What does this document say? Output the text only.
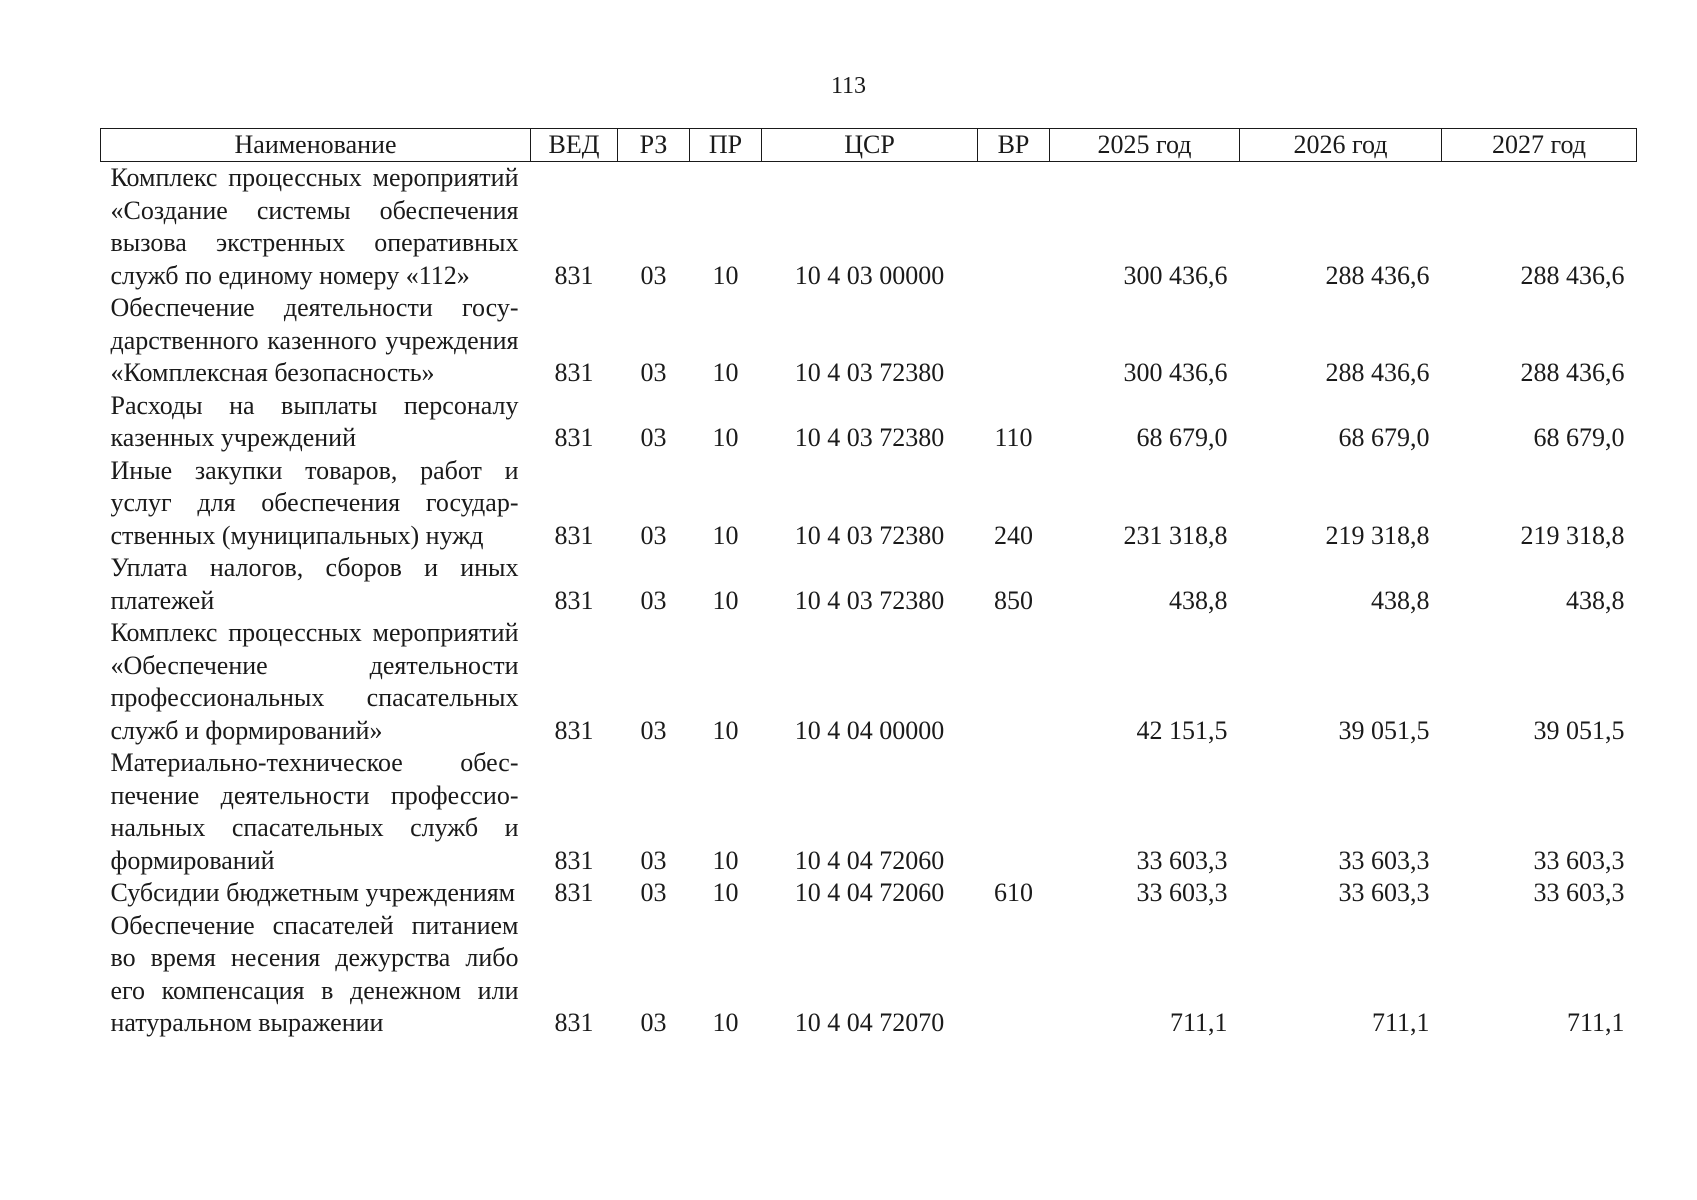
113
Наименование	ВЕД	РЗ	ПР	ЦСР	ВР	2025 год	2026 год	2027 год
Комплекс процессных мероприятий «Создание системы обеспечения вызова экстренных оперативных служб по единому номеру «112»	831	03	10	10 4 03 00000		300 436,6	288 436,6	288 436,6
Обеспечение деятельности государственного казенного учреждения «Комплексная безопасность»	831	03	10	10 4 03 72380		300 436,6	288 436,6	288 436,6
Расходы на выплаты персоналу казенных учреждений	831	03	10	10 4 03 72380	110	68 679,0	68 679,0	68 679,0
Иные закупки товаров, работ и услуг для обеспечения государственных (муниципальных) нужд	831	03	10	10 4 03 72380	240	231 318,8	219 318,8	219 318,8
Уплата налогов, сборов и иных платежей	831	03	10	10 4 03 72380	850	438,8	438,8	438,8
Комплекс процессных мероприятий «Обеспечение деятельности профессиональных спасательных служб и формирований»	831	03	10	10 4 04 00000		42 151,5	39 051,5	39 051,5
Материально-техническое обеспечение деятельности профессиональных спасательных служб и формирований	831	03	10	10 4 04 72060		33 603,3	33 603,3	33 603,3
Субсидии бюджетным учреждениям	831	03	10	10 4 04 72060	610	33 603,3	33 603,3	33 603,3
Обеспечение спасателей питанием во время несения дежурства либо его компенсация в денежном или натуральном выражении	831	03	10	10 4 04 72070		711,1	711,1	711,1
